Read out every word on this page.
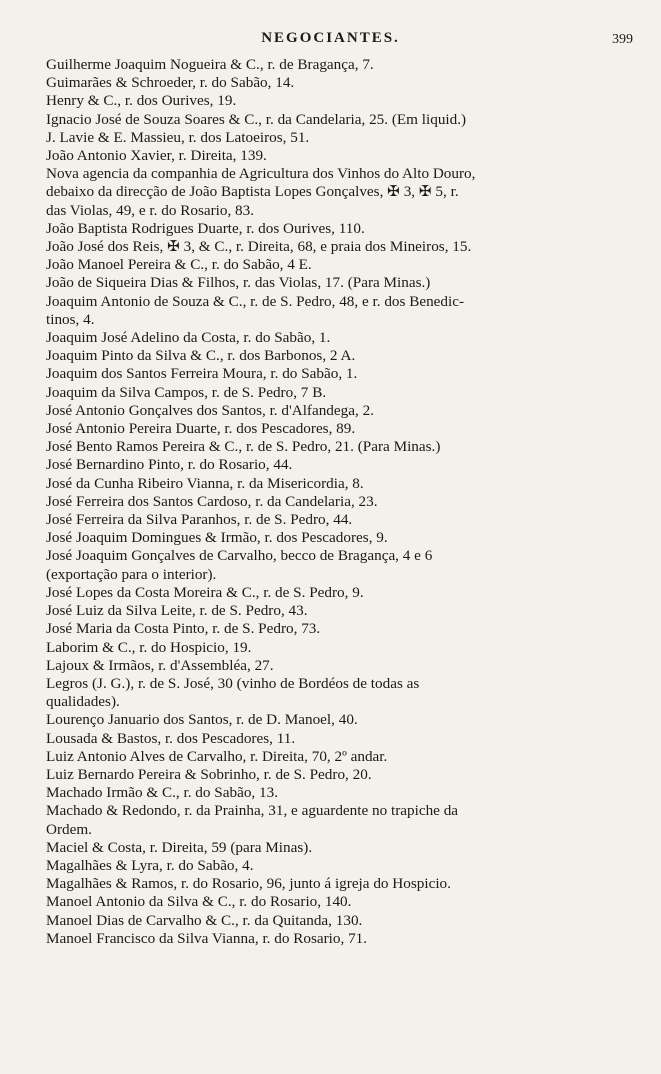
NEGOCIANTES.	399
Guilherme Joaquim Nogueira & C., r. de Bragança, 7.
Guimarães & Schroeder, r. do Sabão, 14.
Henry & C., r. dos Ourives, 19.
Ignacio José de Souza Soares & C., r. da Candelaria, 25. (Em liquid.)
J. Lavie & E. Massieu, r. dos Latoeiros, 51.
João Antonio Xavier, r. Direita, 139.
Nova agencia da companhia de Agricultura dos Vinhos do Alto Douro,
debaixo da direcção de João Baptista Lopes Gonçalves, ✠ 3, ✠ 5, r.
das Violas, 49, e r. do Rosario, 83.
João Baptista Rodrigues Duarte, r. dos Ourives, 110.
João José dos Reis, ✠ 3, & C., r. Direita, 68, e praia dos Mineiros, 15.
João Manoel Pereira & C., r. do Sabão, 4 E.
João de Siqueira Dias & Filhos, r. das Violas, 17. (Para Minas.)
Joaquim Antonio de Souza & C., r. de S. Pedro, 48, e r. dos Benedic-
tinos, 4.
Joaquim José Adelino da Costa, r. do Sabão, 1.
Joaquim Pinto da Silva & C., r. dos Barbonos, 2 A.
Joaquim dos Santos Ferreira Moura, r. do Sabão, 1.
Joaquim da Silva Campos, r. de S. Pedro, 7 B.
José Antonio Gonçalves dos Santos, r. d'Alfandega, 2.
José Antonio Pereira Duarte, r. dos Pescadores, 89.
José Bento Ramos Pereira & C., r. de S. Pedro, 21. (Para Minas.)
José Bernardino Pinto, r. do Rosario, 44.
José da Cunha Ribeiro Vianna, r. da Misericordia, 8.
José Ferreira dos Santos Cardoso, r. da Candelaria, 23.
José Ferreira da Silva Paranhos, r. de S. Pedro, 44.
José Joaquim Domingues & Irmão, r. dos Pescadores, 9.
José Joaquim Gonçalves de Carvalho, becco de Bragança, 4 e 6
(exportação para o interior).
José Lopes da Costa Moreira & C., r. de S. Pedro, 9.
José Luiz da Silva Leite, r. de S. Pedro, 43.
José Maria da Costa Pinto, r. de S. Pedro, 73.
Laborim & C., r. do Hospicio, 19.
Lajoux & Irmãos, r. d'Assembléa, 27.
Legros (J. G.), r. de S. José, 30 (vinho de Bordéos de todas as
qualidades).
Lourenço Januario dos Santos, r. de D. Manoel, 40.
Lousada & Bastos, r. dos Pescadores, 11.
Luiz Antonio Alves de Carvalho, r. Direita, 70, 2º andar.
Luiz Bernardo Pereira & Sobrinho, r. de S. Pedro, 20.
Machado Irmão & C., r. do Sabão, 13.
Machado & Redondo, r. da Prainha, 31, e aguardente no trapiche da
Ordem.
Maciel & Costa, r. Direita, 59 (para Minas).
Magalhães & Lyra, r. do Sabão, 4.
Magalhães & Ramos, r. do Rosario, 96, junto á igreja do Hospicio.
Manoel Antonio da Silva & C., r. do Rosario, 140.
Manoel Dias de Carvalho & C., r. da Quitanda, 130.
Manoel Francisco da Silva Vianna, r. do Rosario, 71.
